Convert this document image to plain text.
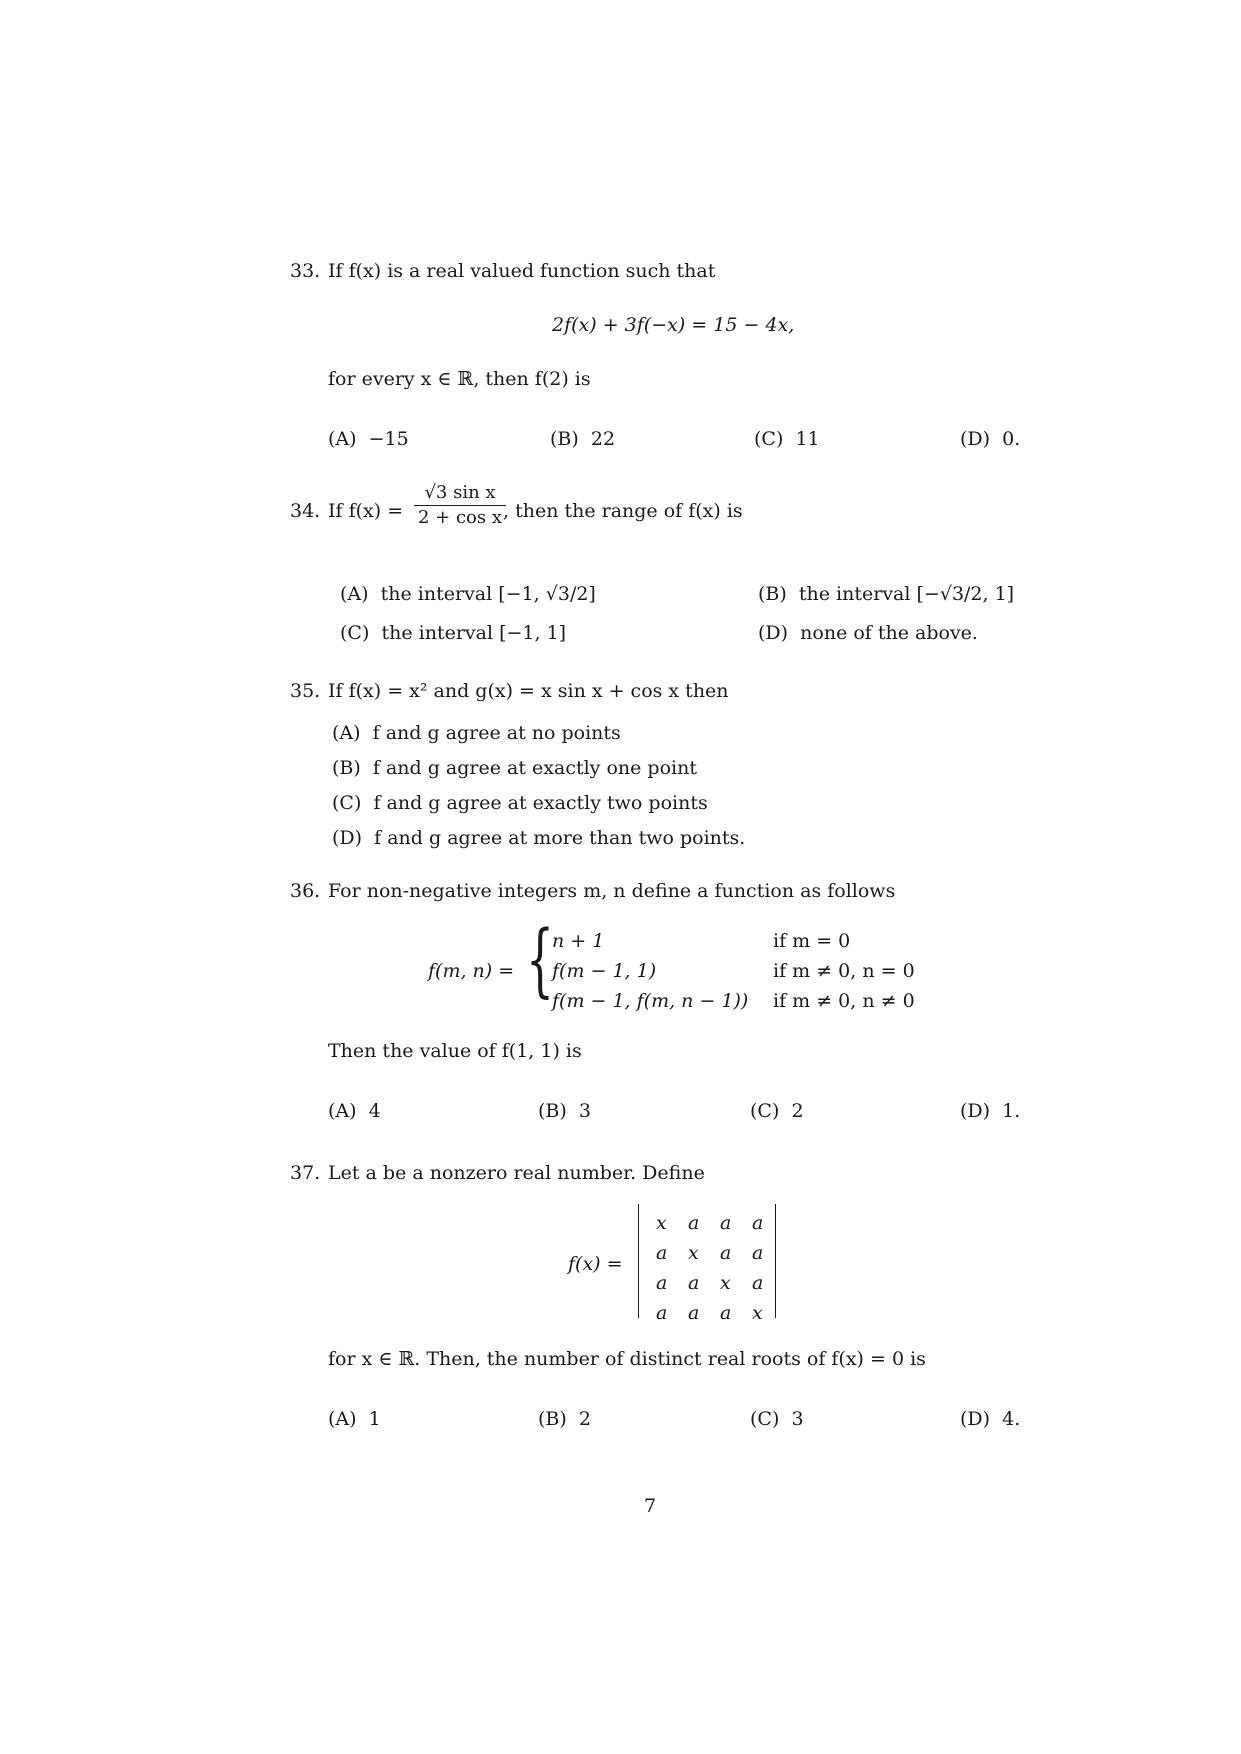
33. If f(x) is a real valued function such that
2f(x) + 3f(−x) = 15 − 4x,
for every x ∈ ℝ, then f(2) is
(A) −15	(B) 22	(C) 11	(D) 0.
34. If $f(x) = \frac{\text{√3 sin x}}{\text{2 + cos x}}$
, then the range of f(x) is
(A) the interval [−1, √3/2]	(B) the interval [−√3/2, 1]
(C) the interval [−1, 1]	(D) none of the above.
35. If f(x) = x² and g(x) = x sin x + cos x then
(A) f and g agree at no points
(B) f and g agree at exactly one point
(C) f and g agree at exactly two points
(D) f and g agree at more than two points.
36. For non-negative integers m, n define a function as follows
f(m, n) = {
n + 1	if m = 0
f(m − 1, 1)	if m ≠ 0, n = 0
f(m − 1, f(m, n − 1)) if m ≠ 0, n ≠ 0
Then the value of f(1, 1) is
(A) 4	(B) 3	(C) 2	(D) 1.
37. Let a be a nonzero real number. Define
f(x) =
x a a a
a x a a
a a x a
a a a x
for x ∈ ℝ. Then, the number of distinct real roots of f(x) = 0 is
(A) 1	(B) 2	(C) 3	(D) 4.
7
